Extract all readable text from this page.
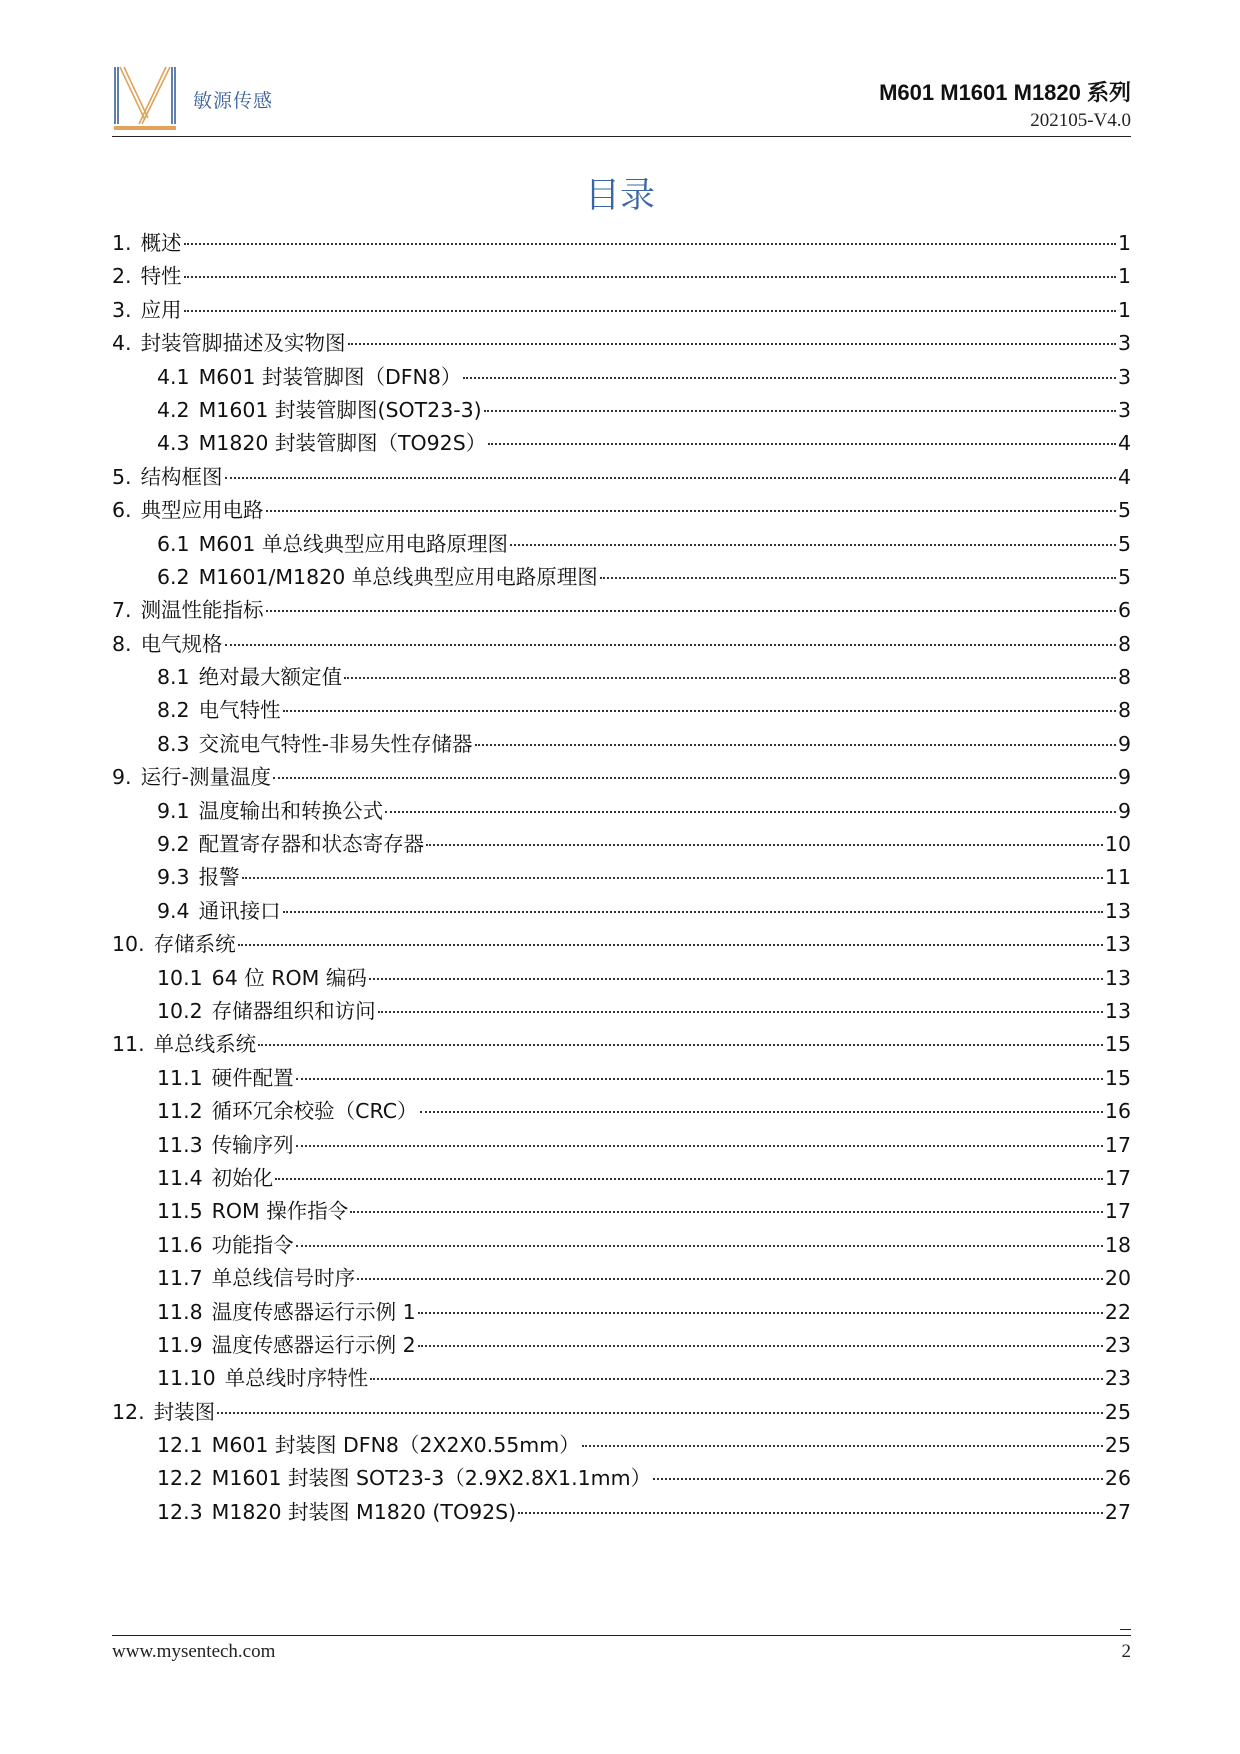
敏源传感	M601 M1601 M1820 系列
202105-V4.0
目录
1. 概述	1
2. 特性	1
3. 应用	1
4. 封装管脚描述及实物图	3
4.1 M601 封装管脚图（DFN8）	3
4.2 M1601 封装管脚图(SOT23-3)	3
4.3 M1820 封装管脚图（TO92S）	4
5. 结构框图	4
6. 典型应用电路	5
6.1 M601 单总线典型应用电路原理图	5
6.2 M1601/M1820 单总线典型应用电路原理图	5
7. 测温性能指标	6
8. 电气规格	8
8.1 绝对最大额定值	8
8.2 电气特性	8
8.3 交流电气特性-非易失性存储器	9
9. 运行-测量温度	9
9.1 温度输出和转换公式	9
9.2 配置寄存器和状态寄存器	10
9.3 报警	11
9.4 通讯接口	13
10. 存储系统	13
10.1 64 位 ROM 编码	13
10.2 存储器组织和访问	13
11. 单总线系统	15
11.1 硬件配置	15
11.2 循环冗余校验（CRC）	16
11.3 传输序列	17
11.4 初始化	17
11.5 ROM 操作指令	17
11.6 功能指令	18
11.7 单总线信号时序	20
11.8 温度传感器运行示例 1	22
11.9 温度传感器运行示例 2	23
11.10 单总线时序特性	23
12. 封装图	25
12.1 M601 封装图 DFN8（2X2X0.55mm）	25
12.2 M1601 封装图 SOT23-3（2.9X2.8X1.1mm）	26
12.3 M1820 封装图 M1820 (TO92S)	27
www.mysentech.com	2
